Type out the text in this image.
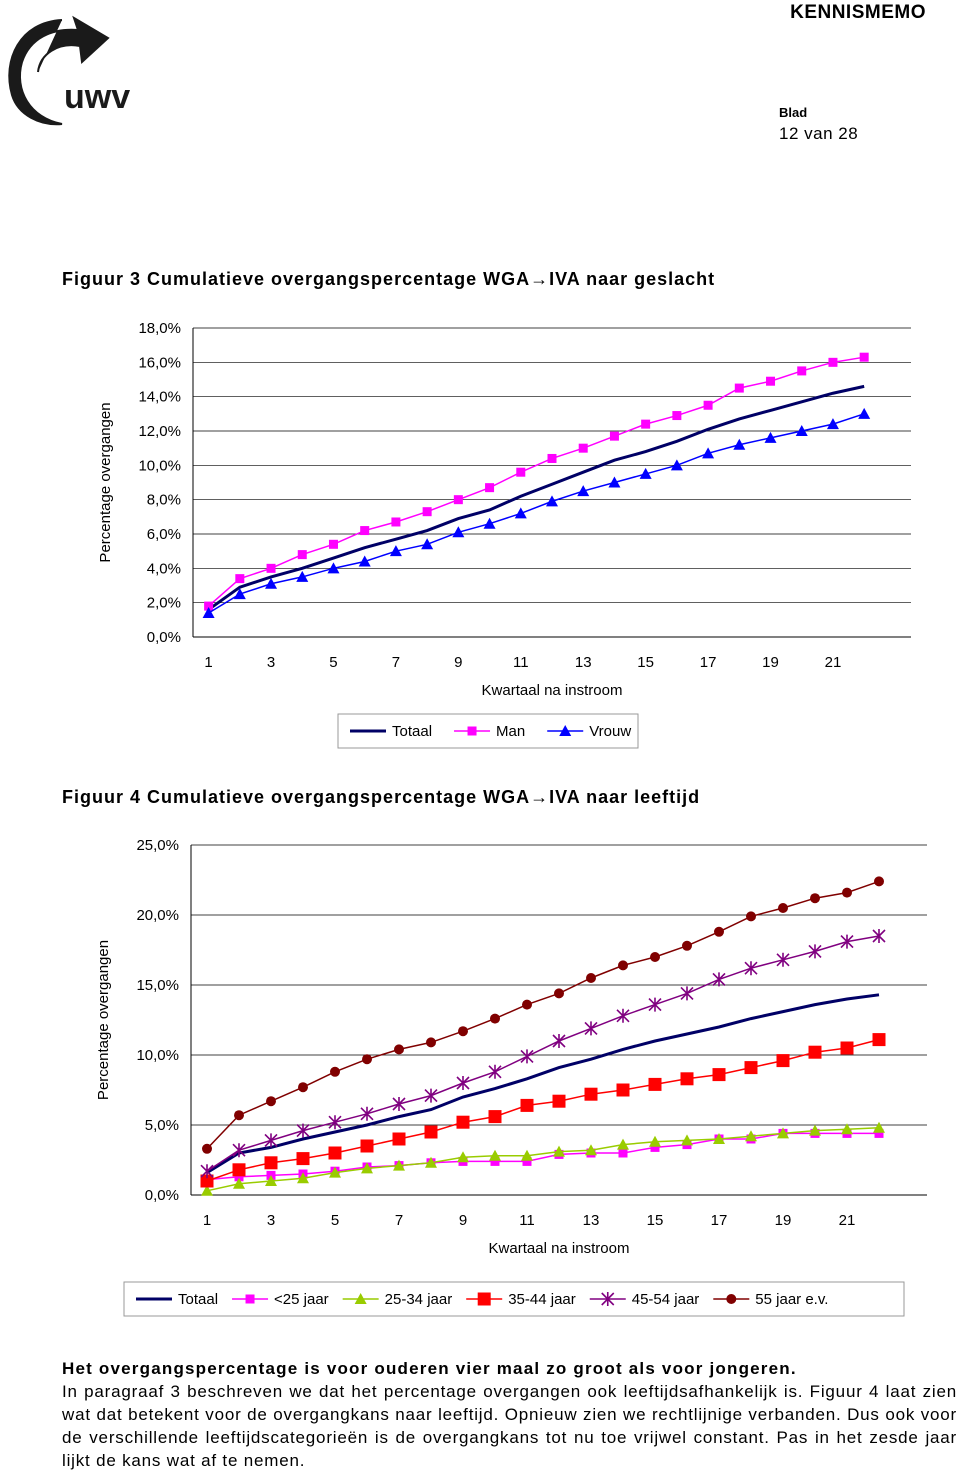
uwv
KENNISMEMO
Blad
12 van 28
Figuur 3 Cumulatieve overgangspercentage WGA→IVA naar geslacht
0,0%
2,0%
4,0%
6,0%
8,0%
10,0%
12,0%
14,0%
16,0%
18,0%
1	3	5	7	9	11	13	15	17	19	21
Kwartaal na instroom
Percentage overgangen
Totaal	Man	Vrouw
Figuur 4 Cumulatieve overgangspercentage WGA→IVA naar leeftijd
0,0%
5,0%
10,0%
15,0%
20,0%
25,0%
1	3	5	7	9	11	13	15	17	19	21
Kwartaal na instroom
Percentage overgangen
Totaal	<25 jaar	25-34 jaar	35-44 jaar	45-54 jaar	55 jaar e.v.

Het overgangspercentage is voor ouderen vier maal zo groot als voor jongeren.

In paragraaf 3 beschreven we dat het percentage overgangen ook leeftijdsafhankelijk is. Figuur 4 laat zien wat dat betekent voor de overgangkans naar leeftijd. Opnieuw zien we rechtlijnige verbanden. Dus ook voor de verschillende leeftijdscategorieën is de overgangkans tot nu toe vrijwel constant. Pas in het zesde jaar lijkt de kans wat af te nemen.
